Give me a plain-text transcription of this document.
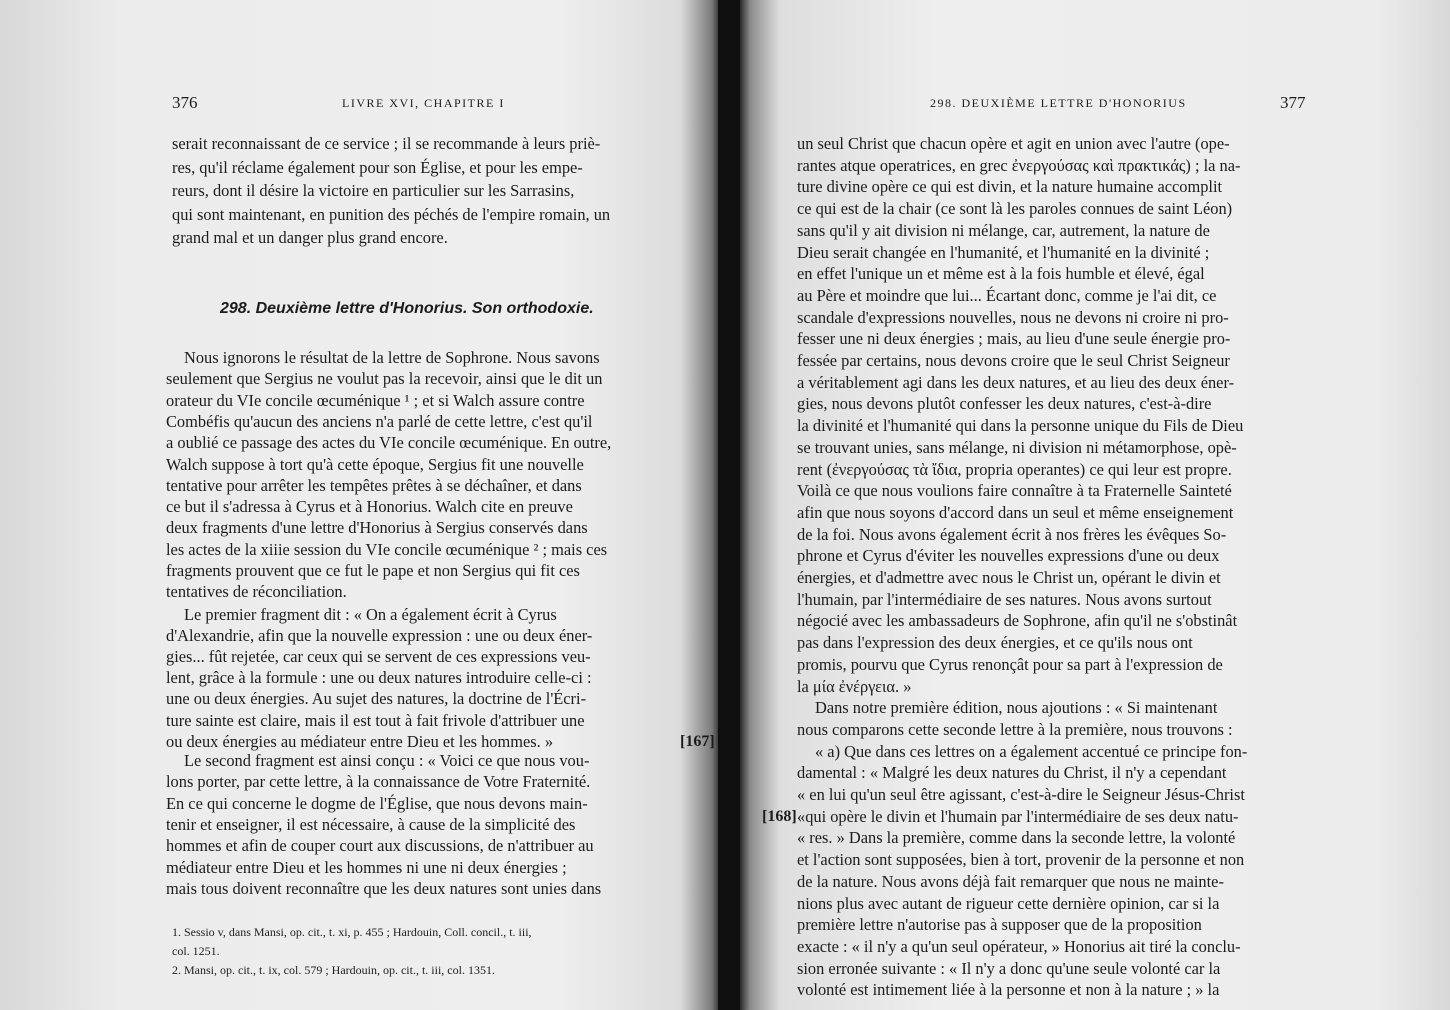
376	LIVRE XVI, CHAPITRE I
serait reconnaissant de ce service ; il se recommande à leurs priè-
res, qu'il réclame également pour son Église, et pour les empe-
reurs, dont il désire la victoire en particulier sur les Sarrasins,
qui sont maintenant, en punition des péchés de l'empire romain, un
grand mal et un danger plus grand encore.
298. Deuxième lettre d'Honorius. Son orthodoxie.
Nous ignorons le résultat de la lettre de Sophrone. Nous savons
seulement que Sergius ne voulut pas la recevoir, ainsi que le dit un
orateur du VIe concile œcuménique ¹ ; et si Walch assure contre
Combéfis qu'aucun des anciens n'a parlé de cette lettre, c'est qu'il
a oublié ce passage des actes du VIe concile œcuménique. En outre,
Walch suppose à tort qu'à cette époque, Sergius fit une nouvelle
tentative pour arrêter les tempêtes prêtes à se déchaîner, et dans
ce but il s'adressa à Cyrus et à Honorius. Walch cite en preuve
deux fragments d'une lettre d'Honorius à Sergius conservés dans
les actes de la xiiie session du VIe concile œcuménique ² ; mais ces
fragments prouvent que ce fut le pape et non Sergius qui fit ces
tentatives de réconciliation.
Le premier fragment dit : « On a également écrit à Cyrus
d'Alexandrie, afin que la nouvelle expression : une ou deux éner-
gies... fût rejetée, car ceux qui se servent de ces expressions veu-
lent, grâce à la formule : une ou deux natures introduire celle-ci :
une ou deux énergies. Au sujet des natures, la doctrine de l'Écri-
ture sainte est claire, mais il est tout à fait frivole d'attribuer une
ou deux énergies au médiateur entre Dieu et les hommes. »
Le second fragment est ainsi conçu : « Voici ce que nous vou-
lons porter, par cette lettre, à la connaissance de Votre Fraternité.
En ce qui concerne le dogme de l'Église, que nous devons main-
tenir et enseigner, il est nécessaire, à cause de la simplicité des
hommes et afin de couper court aux discussions, de n'attribuer au
médiateur entre Dieu et les hommes ni une ni deux énergies ;
mais tous doivent reconnaître que les deux natures sont unies dans
1. Sessio v, dans Mansi, op. cit., t. xi, p. 455 ; Hardouin, Coll. concil., t. iii,
col. 1251.
2. Mansi, op. cit., t. ix, col. 579 ; Hardouin, op. cit., t. iii, col. 1351.
298. DEUXIÈME LETTRE D'HONORIUS	377
un seul Christ que chacun opère et agit en union avec l'autre (ope-
rantes atque operatrices, en grec ἐνεργούσας καὶ πρακτικάς) ; la na-
ture divine opère ce qui est divin, et la nature humaine accomplit
ce qui est de la chair (ce sont là les paroles connues de saint Léon)
sans qu'il y ait division ni mélange, car, autrement, la nature de
Dieu serait changée en l'humanité, et l'humanité en la divinité ;
en effet l'unique un et même est à la fois humble et élevé, égal
au Père et moindre que lui... Écartant donc, comme je l'ai dit, ce
scandale d'expressions nouvelles, nous ne devons ni croire ni pro-
fesser une ni deux énergies ; mais, au lieu d'une seule énergie pro-
fessée par certains, nous devons croire que le seul Christ Seigneur
a véritablement agi dans les deux natures, et au lieu des deux éner-
gies, nous devons plutôt confesser les deux natures, c'est-à-dire
la divinité et l'humanité qui dans la personne unique du Fils de Dieu
se trouvant unies, sans mélange, ni division ni métamorphose, opè-
rent (ἐνεργούσας τὰ ἴδια, propria operantes) ce qui leur est propre.
Voilà ce que nous voulions faire connaître à ta Fraternelle Sainteté
afin que nous soyons d'accord dans un seul et même enseignement
de la foi. Nous avons également écrit à nos frères les évêques So-
phrone et Cyrus d'éviter les nouvelles expressions d'une ou deux
énergies, et d'admettre avec nous le Christ un, opérant le divin et
l'humain, par l'intermédiaire de ses natures. Nous avons surtout
négocié avec les ambassadeurs de Sophrone, afin qu'il ne s'obstinât
pas dans l'expression des deux énergies, et ce qu'ils nous ont
promis, pourvu que Cyrus renonçât pour sa part à l'expression de
la μία ἐνέργεια. »
Dans notre première édition, nous ajoutions : « Si maintenant
nous comparons cette seconde lettre à la première, nous trouvons :
« a) Que dans ces lettres on a également accentué ce principe fon-
damental : « Malgré les deux natures du Christ, il n'y a cependant
« en lui qu'un seul être agissant, c'est-à-dire le Seigneur Jésus-Christ
«qui opère le divin et l'humain par l'intermédiaire de ses deux natu-
« res. » Dans la première, comme dans la seconde lettre, la volonté
et l'action sont supposées, bien à tort, provenir de la personne et non
de la nature. Nous avons déjà fait remarquer que nous ne mainte-
nions plus avec autant de rigueur cette dernière opinion, car si la
première lettre n'autorise pas à supposer que de la proposition
exacte : « il n'y a qu'un seul opérateur, » Honorius ait tiré la conclu-
sion erronée suivante : « Il n'y a donc qu'une seule volonté car la
volonté est intimement liée à la personne et non à la nature ; » la
[167]
[168]
